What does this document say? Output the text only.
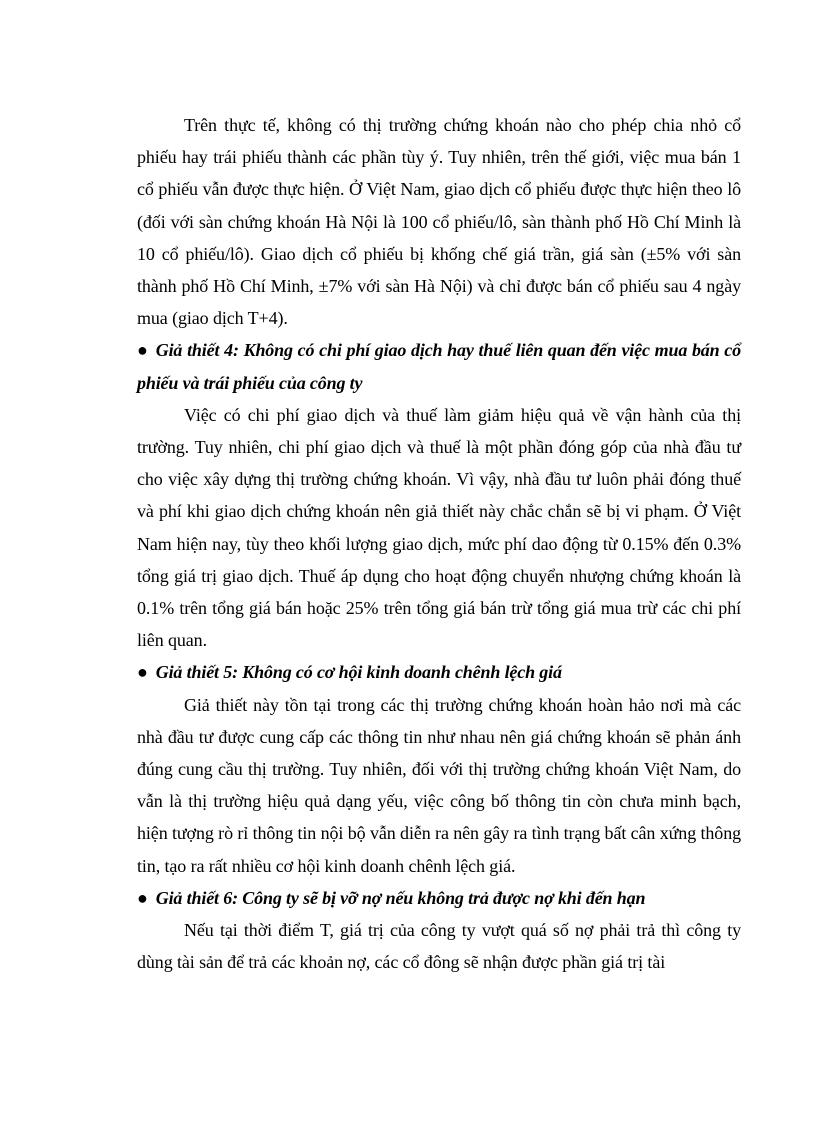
Trên thực tế, không có thị trường chứng khoán nào cho phép chia nhỏ cổ phiếu hay trái phiếu thành các phần tùy ý. Tuy nhiên, trên thế giới, việc mua bán 1 cổ phiếu vẫn được thực hiện. Ở Việt Nam, giao dịch cổ phiếu được thực hiện theo lô (đối với sàn chứng khoán Hà Nội là 100 cổ phiếu/lô, sàn thành phố Hồ Chí Minh là 10 cổ phiếu/lô). Giao dịch cổ phiếu bị khống chế giá trần, giá sàn (±5% với sàn thành phố Hồ Chí Minh, ±7% với sàn Hà Nội) và chỉ được bán cổ phiếu sau 4 ngày mua (giao dịch T+4).

● Giả thiết 4: Không có chi phí giao dịch hay thuế liên quan đến việc mua bán cổ phiếu và trái phiếu của công ty

Việc có chi phí giao dịch và thuế làm giảm hiệu quả về vận hành của thị trường. Tuy nhiên, chi phí giao dịch và thuế là một phần đóng góp của nhà đầu tư cho việc xây dựng thị trường chứng khoán. Vì vậy, nhà đầu tư luôn phải đóng thuế và phí khi giao dịch chứng khoán nên giả thiết này chắc chắn sẽ bị vi phạm. Ở Việt Nam hiện nay, tùy theo khối lượng giao dịch, mức phí dao động từ 0.15% đến 0.3% tổng giá trị giao dịch. Thuế áp dụng cho hoạt động chuyển nhượng chứng khoán là 0.1% trên tổng giá bán hoặc 25% trên tổng giá bán trừ tổng giá mua trừ các chi phí liên quan.

● Giả thiết 5: Không có cơ hội kinh doanh chênh lệch giá

Giả thiết này tồn tại trong các thị trường chứng khoán hoàn hảo nơi mà các nhà đầu tư được cung cấp các thông tin như nhau nên giá chứng khoán sẽ phản ánh đúng cung cầu thị trường. Tuy nhiên, đối với thị trường chứng khoán Việt Nam, do vẫn là thị trường hiệu quả dạng yếu, việc công bố thông tin còn chưa minh bạch, hiện tượng rò rỉ thông tin nội bộ vẫn diễn ra nên gây ra tình trạng bất cân xứng thông tin, tạo ra rất nhiều cơ hội kinh doanh chênh lệch giá.

● Giả thiết 6: Công ty sẽ bị vỡ nợ nếu không trả được nợ khi đến hạn

Nếu tại thời điểm T, giá trị của công ty vượt quá số nợ phải trả thì công ty dùng tài sản để trả các khoản nợ, các cổ đông sẽ nhận được phần giá trị tài
